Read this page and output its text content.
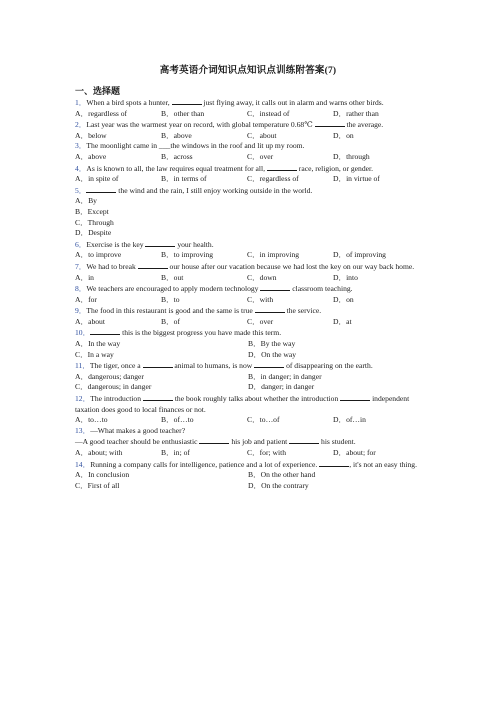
高考英语介词知识点知识点训练附答案(7)
一、选择题
1．When a bird spots a hunter,	just flying away, it calls out in alarm and warns other birds.
A．regardless of	B．other than	C．instead of	D．rather than
2．Last year was the warmest year on record, with global temperature 0.68℃	the average.
A．below	B．above	C．about	D．on
3．The moonlight came in ___the windows in the roof and lit up my room.
A．above	B．across	C．over	D．through
4．As is known to all, the law requires equal treatment for all,	race, religion, or gender.
A．in spite of	B．in terms of	C．regardless of	D．in virtue of
5．	the wind and the rain, I still enjoy working outside in the world.
A．By
B．Except
C．Through
D．Despite
6．Exercise is the key	your health.
A．to improve	B．to improving	C．in improving	D．of improving
7．We had to break	our house after our vacation because we had lost the key on our way back home.
A．in	B．out	C．down	D．into
8．We teachers are encouraged to apply modern technology	classroom teaching.
A．for	B．to	C．with	D．on
9．The food in this restaurant is good and the same is true	the service.
A．about	B．of	C．over	D．at
10．	this is the biggest progress you have made this term.
A．In the way	B．By the way
C．In a way	D．On the way
11．The tiger, once a	animal to humans, is now	of disappearing on the earth.
A．dangerous; danger	B．in danger; in danger
C．dangerous; in danger	D．danger; in danger
12．The introduction	the book roughly talks about whether the introduction	independent taxation does good to local finances or not.
A．to…to	B．of…to	C．to…of	D．of…in
13．—What makes a good teacher?
—A good teacher should be enthusiastic	his job and patient	his student.
A．about; with	B．in; of	C．for; with	D．about; for
14．Running a company calls for intelligence, patience and a lot of experience.	, it's not an easy thing.
A．In conclusion	B．On the other hand
C．First of all	D．On the contrary
